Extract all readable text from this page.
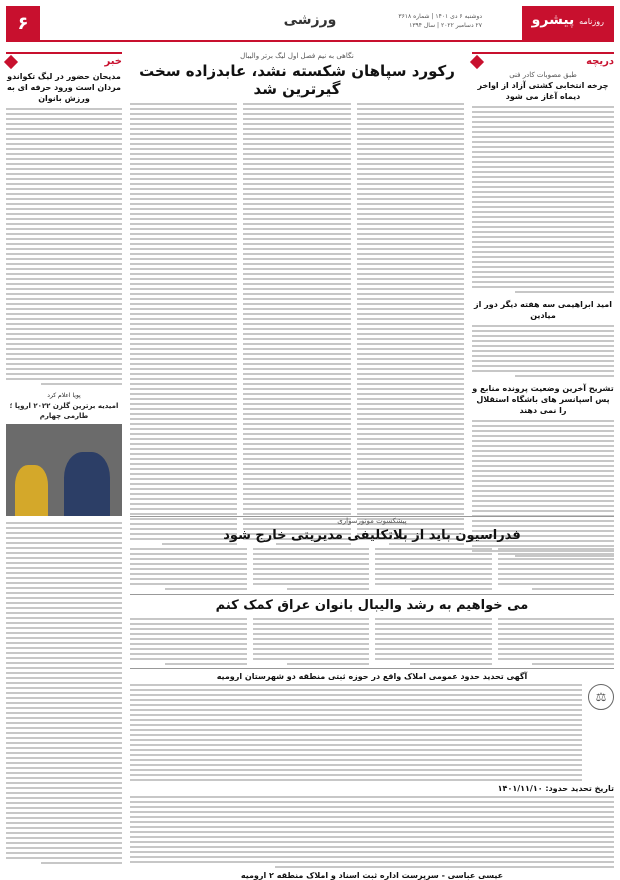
۶	ورزشی	دوشنبه ۶ دی ۱۴۰۱ | شماره ۳۶۱۸
۲۷ دسامبر ۲۰۲۲ | سال ۱۳۹۴	روزنامه پیشرو
دریچه
طبق مصوبات کادر فنی
چرخه انتخابی کشتی آزاد از اواخر دیماه آغاز می شود
امید ابراهیمی سه هفته دیگر دور از میادین
تشریح آخرین وضعیت پرونده منابع و پس اسپانسر های باشگاه استقلال را نمی دهند
نگاهی به نیم فصل اول لیگ برتر والیبال
رکورد سپاهان شکسته نشد، عابدزاده سخت گیرترین شد
خبر
مدیحان حضور در لیگ تکواندو مردان است ورود حرفه ای به ورزش بانوان
پویا اعلام کرد
امیدیه برترین گلزن ۲۰۲۲ اروپا ؛ طارمی چهارم
پیشکسوت موتورسواری
فدراسیون باید از بلاتکلیفی مدیریتی خارج شود
می خواهیم به رشد والیبال بانوان عراق کمک کنم
آگهی تحدید حدود عمومی املاک واقع در حوزه ثبتی منطقه دو شهرستان ارومیه
⚖
تاریخ تحدید حدود: ۱۴۰۱/۱۱/۱۰
عیسی عباسی - سرپرست اداره ثبت اسناد و املاک منطقه ۲ ارومیه
